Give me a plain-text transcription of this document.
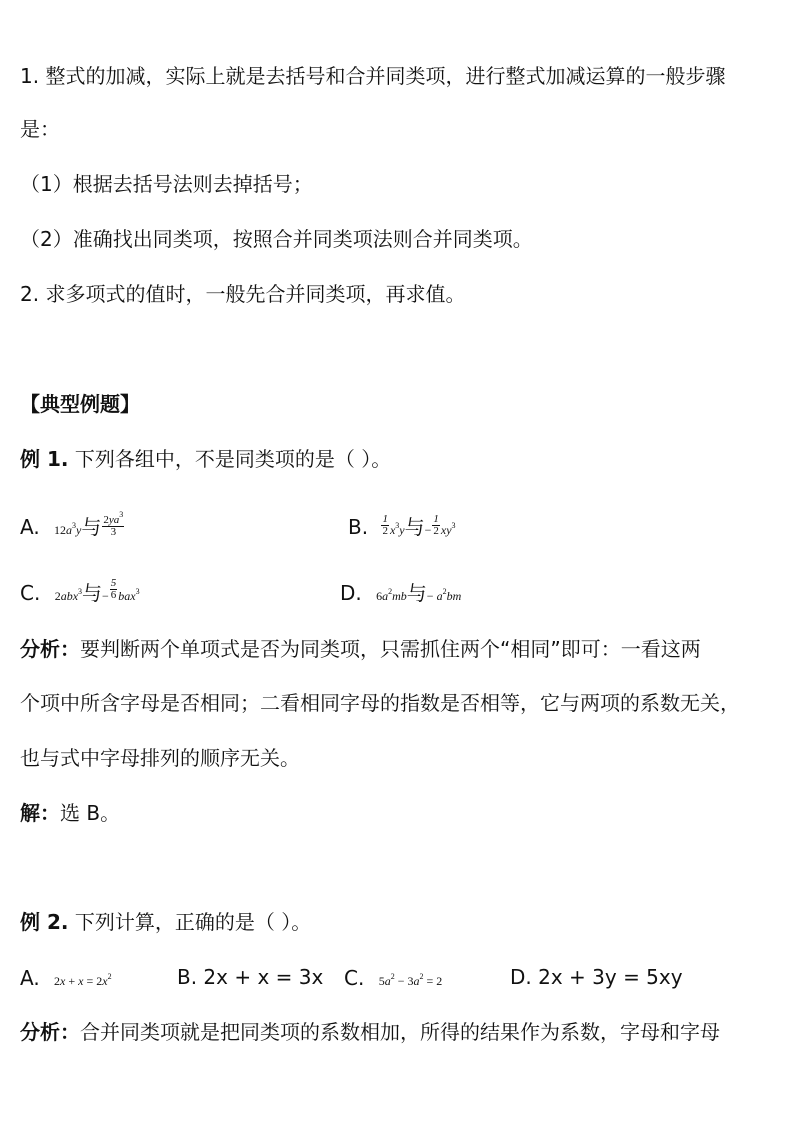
1. 整式的加减，实际上就是去括号和合并同类项，进行整式加减运算的一般步骤
是：
（1）根据去括号法则去掉括号；
（2）准确找出同类项，按照合并同类项法则合并同类项。
2. 求多项式的值时，一般先合并同类项，再求值。
【典型例题】
例 1. 下列各组中，不是同类项的是（ ）。
A. $12a^3y$与 $\frac{2ya^3}{3}$	B. $\frac{1}{2} x^3y$与− $\frac{1}{2} xy^3$
C. 2abx$^3$与− $\frac{5}{6} bax^3$	D. $6a^2mb$与− $a^2bm$
分析：要判断两个单项式是否为同类项，只需抓住两个“相同”即可：一看这两
个项中所含字母是否相同；二看相同字母的指数是否相等，它与两项的系数无关，
也与式中字母排列的顺序无关。
解：选 B。
例 2. 下列计算，正确的是（ ）。
A. $2x + x = 2x^2$	B. 2x + x = 3x C. $5a^2 - 3a^2 = 2$	D. 2x + 3y = 5xy
分析：合并同类项就是把同类项的系数相加，所得的结果作为系数，字母和字母
